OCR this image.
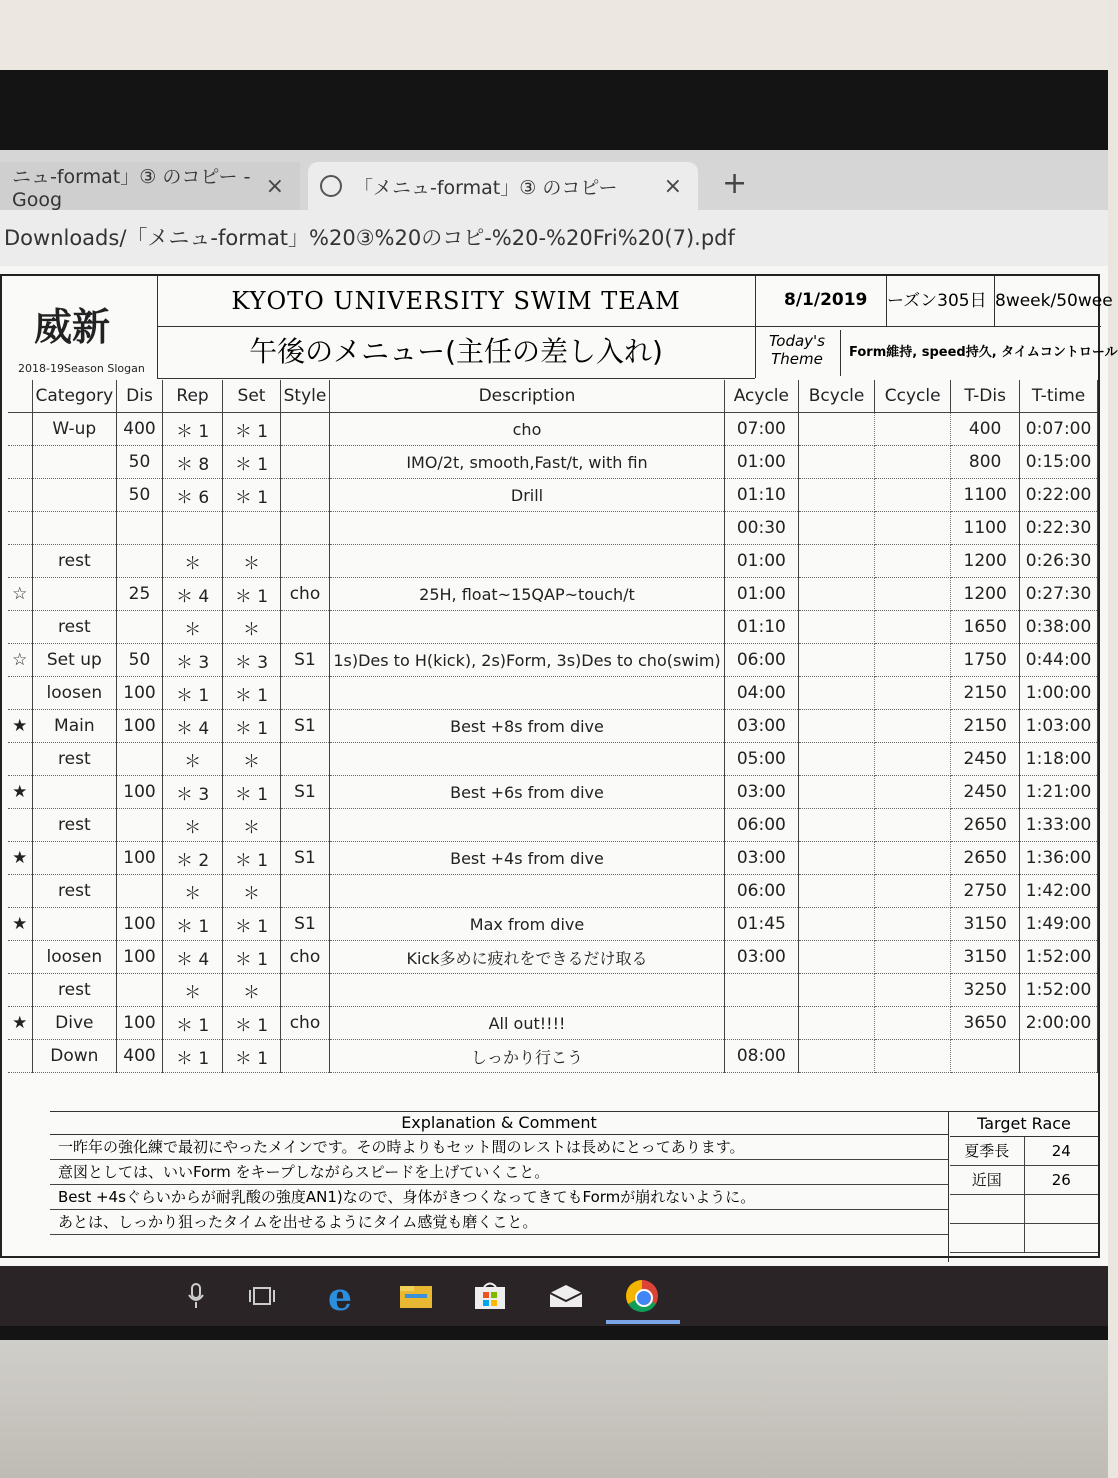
ニュ-format」③ のコピー - Goog
×	「メニュ-format」③ のコピー × +
Downloads/「メニュ-format」%20③%20のコピ-%20-%20Fri%20(7).pdf
威新
2018-19Season Slogan
KYOTO UNIVERSITY SWIM TEAM
午後のメニュー(主任の差し入れ)
8/1/2019 ーズン305日 8week/50wee
Today's Theme	Form維持, speed持久, タイムコントロール
	Category	Dis	Rep	Set	Style	Description	Acycle	Bcycle	Ccycle	T-Dis	T-time
	W-up	400	＊ 1	＊ 1		cho	07:00			400	0:07:00
		50	＊ 8	＊ 1		IMO/2t, smooth,Fast/t, with fin	01:00			800	0:15:00
		50	＊ 6	＊ 1		Drill	01:10			1100	0:22:00
							00:30			1100	0:22:30
	rest		＊	＊			01:00			1200	0:26:30
☆		25	＊ 4	＊ 1	cho	25H, float~15QAP~touch/t	01:00			1200	0:27:30
	rest		＊	＊			01:10			1650	0:38:00
☆	Set up	50	＊ 3	＊ 3	S1	1s)Des to H(kick), 2s)Form, 3s)Des to cho(swim)	06:00			1750	0:44:00
	loosen	100	＊ 1	＊ 1			04:00			2150	1:00:00
★	Main	100	＊ 4	＊ 1	S1	Best +8s from dive	03:00			2150	1:03:00
	rest		＊	＊			05:00			2450	1:18:00
★		100	＊ 3	＊ 1	S1	Best +6s from dive	03:00			2450	1:21:00
	rest		＊	＊			06:00			2650	1:33:00
★		100	＊ 2	＊ 1	S1	Best +4s from dive	03:00			2650	1:36:00
	rest		＊	＊			06:00			2750	1:42:00
★		100	＊ 1	＊ 1	S1	Max from dive	01:45			3150	1:49:00
	loosen	100	＊ 4	＊ 1	cho	Kick多めに疲れをできるだけ取る	03:00			3150	1:52:00
	rest		＊	＊						3250	1:52:00
★	Dive	100	＊ 1	＊ 1	cho	All out!!!!				3650	2:00:00
	Down	400	＊ 1	＊ 1		しっかり行こう	08:00				
Explanation & Comment
一昨年の強化練で最初にやったメインです。その時よりもセット間のレストは長めにとってあります。
意図としては、いいForm をキープしながらスピードを上げていくこと。
Best +4sぐらいからが耐乳酸の強度AN1)なので、身体がきつくなってきてもFormが崩れないように。
あとは、しっかり狙ったタイムを出せるようにタイム感覚も磨くこと。
Target Race
夏季長	24
近国	26
e
